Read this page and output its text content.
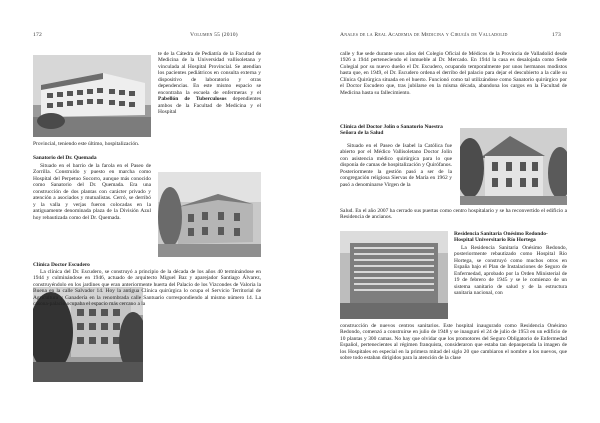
172	Volumen 55 (2010)
te de la Cátedra de Pediatría de la Facultad de Medicina de la Universidad vallisoletana y vinculada al Hospital Provincial. Se atendían los pacientes pediátricos en consulta externa y dispositivo de laboratorio y otras dependencias. En este mismo espacio se encontraba la escuela de enfermeras y el Pabellón de Tuberculosos dependientes ambos de la Facultad de Medicina y el Hospital
Provincial, teniendo este último, hospitalización.
Sanatorio del Dr. Quemada
Situado en el barrio de la farola en el Paseo de Zorrilla. Construido y puesto en marcha como Hospital del Perpetuo Socorro, aunque más conocido como Sanatorio del Dr. Quemada. Era una construcción de dos plantas con carácter privado y atención a asociados y mutualistas. Cerró, se derribó y la valla y verjas fueron colocadas en la antiguamente denominada plaza de la División Azul hoy rebautizada como del Dr. Quemada.
Clínica Doctor Escudero
La clínica del Dr. Escudero, se construyó a principio de la década de los años 40 terminándose en 1944 y culminándose en 1946, actuado de arquitecto Miguel Baz y aparejador Santiago Álvarez, construyéndolo en los jardines que eran anteriormente huerta del Palacio de los Vizcondes de Valoria la Buena en la calle Salvador 14. Hoy la antigua Clínica quirúrgica lo ocupa el Servicio Territorial de Agricultura y Ganadería en la renombrada calle Santuario correspondiendo al mismo número 14. La casona-palacio ocupaba el espacio más cercano a la
Anales de la Real Academia de Medicina y Cirugía de Valladolid	173
calle y fue sede durante unos años del Colegio Oficial de Médicos de la Provincia de Valladolid desde 1926 a 1944 perteneciendo el inmueble al Dr. Mercado. En 1944 la casa es desalojada como Sede Colegial por su nuevo dueño el Dr. Escudero, ocupando temporalmente por unos hermanos modistos hasta que, en 1949, el Dr. Escudero ordena el derribo del palacio para dejar el descubierto a la calle su Clínica Quirúrgica situada en el huerto. Funcionó como tal utilizándose como Sanatorio quirúrgico por el Doctor Escudero que, tras jubilarse en la misma década, abandona los cargos en la Facultad de Medicina hasta su fallecimiento.
Clínica del Doctor Jolín o Sanatorio Nuestra Señora de la Salud
Situado en el Paseo de Isabel la Católica fue abierto por el Médico Vallisoletano Doctor Jolín con asistencia médico quirúrgica para lo que disponía de camas de hospitalización y Quirófanos. Posteriormente la gestión pasó a ser de la congregación religiosa Siervas de María en 1962 y pasó a denominarse Virgen de la
Salud. En el año 2007 ha cerrado sus puertas como centro hospitalario y se ha reconvertido el edificio a Residencia de ancianos.
Residencia Sanitaria Onésimo Redondo-Hospital Universitario Río Hortega
La Residencia Sanitaria Onésimo Redondo, posteriormente rebautizado como Hospital Río Hortega, se construyó como muchos otros en España bajo el Plan de Instalaciones de Seguro de Enfermedad, aprobado por la Orden Ministerial de 19 de febrero de 1945 y se le comienzo de un sistema sanitario de salud y de la estructura sanitaria nacional, con
construcción de nuevos centros sanitarios. Este hospital inaugurado como Residencia Onésimo Redondo, comenzó a construirse en julio de 1948 y se inauguró el 24 de julio de 1953 en un edificio de 10 plantas y 300 camas. No hay que olvidar que los promotores del Seguro Obligatorio de Enfermedad Español, pertenecientes al régimen franquista, consideraron que estaba tan depauperada la imagen de los Hospitales en especial en la primera mitad del siglo 20 que cambiaron el nombre a los nuevos, que sobre todo estaban dirigidos para la atención de la clase
